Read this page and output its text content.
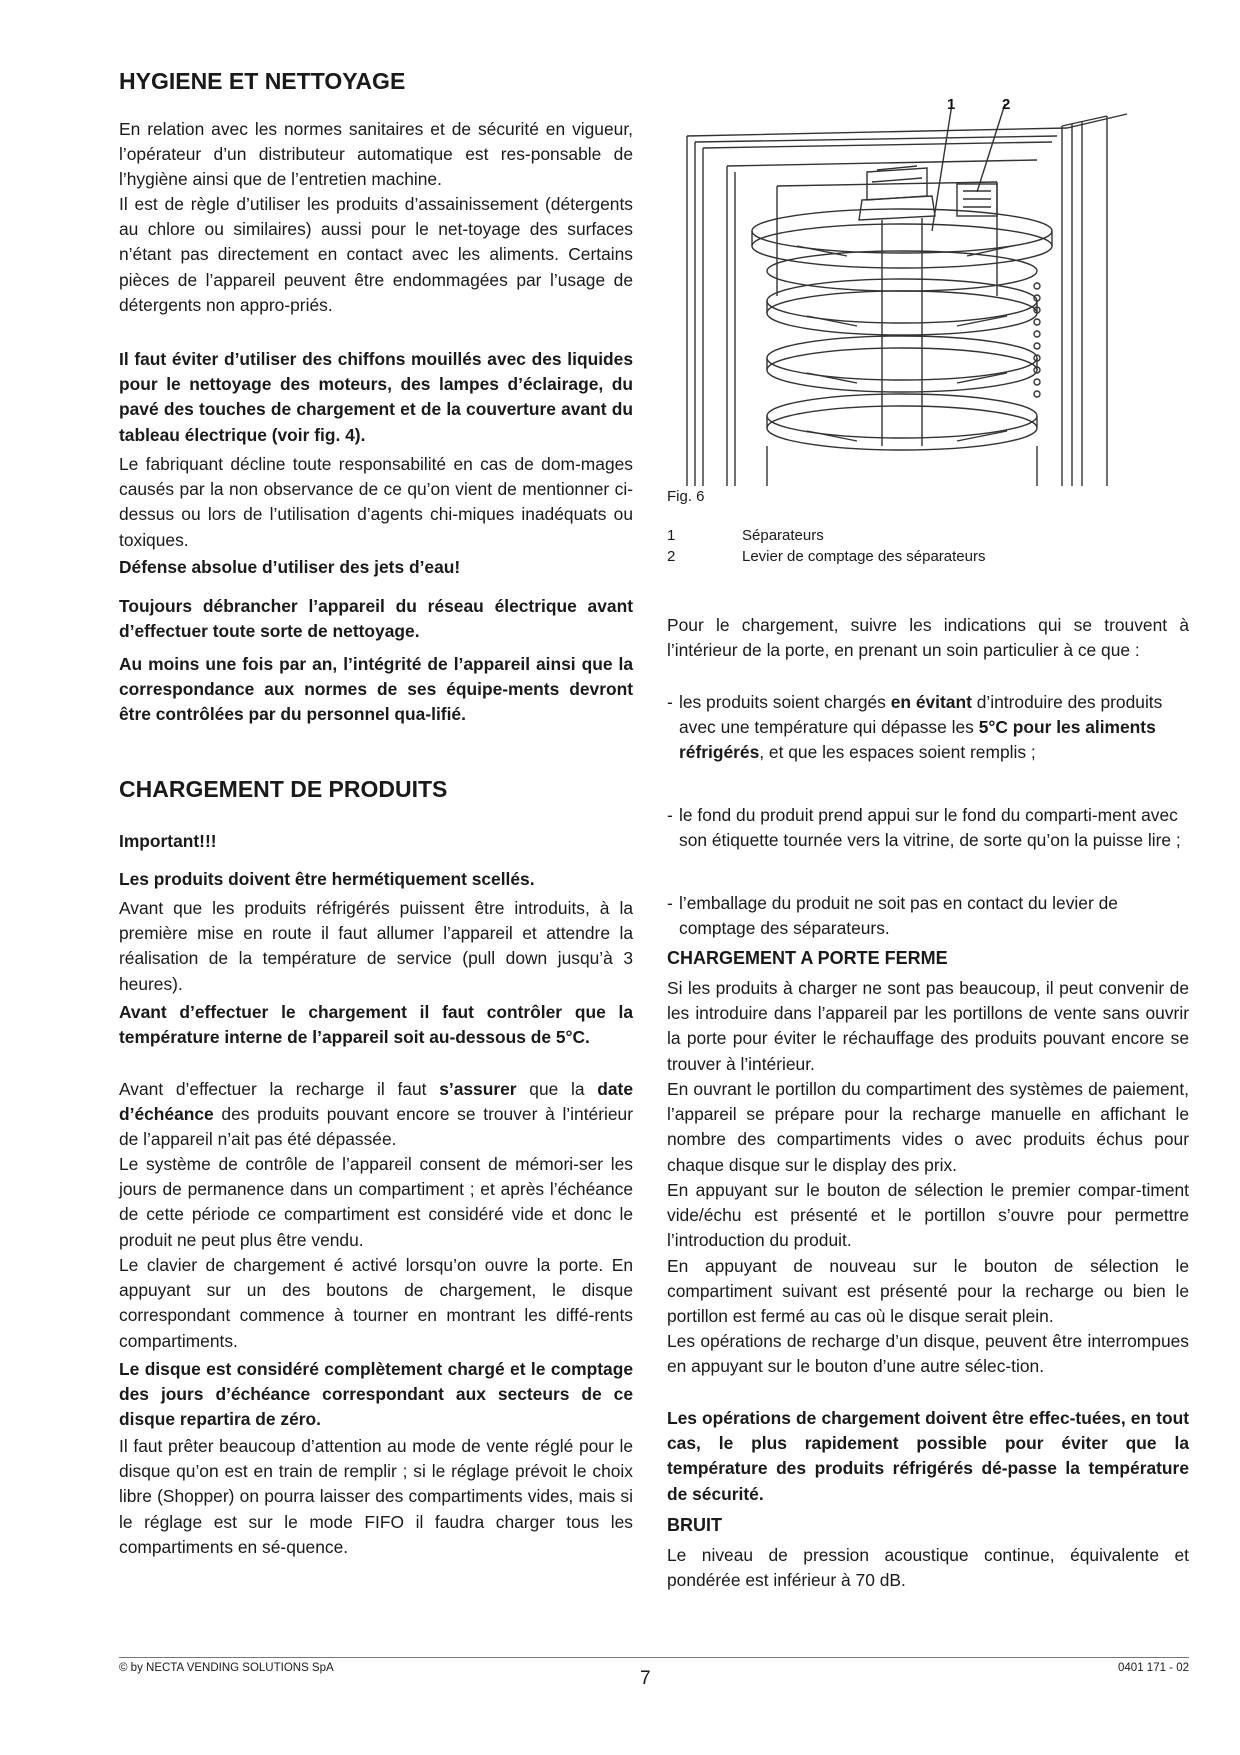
HYGIENE ET NETTOYAGE
En relation avec les normes sanitaires et de sécurité en vigueur, l’opérateur d’un distributeur automatique est res-ponsable de l’hygiène ainsi que de l’entretien machine.
Il est de règle d’utiliser les produits d’assainissement (détergents au chlore ou similaires) aussi pour le net-toyage des surfaces n’étant pas directement en contact avec les aliments. Certains pièces de l’appareil peuvent être endommagées par l’usage de détergents non appro-priés.
Il faut éviter d’utiliser des chiffons mouillés avec des liquides pour le nettoyage des moteurs, des lampes d’éclairage, du pavé des touches de chargement et de la couverture avant du tableau électrique (voir fig. 4).
Le fabriquant décline toute responsabilité en cas de dom-mages causés par la non observance de ce qu’on vient de mentionner ci-dessus ou lors de l’utilisation d’agents chi-miques inadéquats ou toxiques.
Défense absolue d’utiliser des jets d’eau!
Toujours débrancher l’appareil du réseau électrique avant d’effectuer toute sorte de nettoyage.
Au moins une fois par an, l’intégrité de l’appareil ainsi que la correspondance aux normes de ses équipe-ments devront être contrôlées par du personnel qua-lifié.
CHARGEMENT DE PRODUITS
Important!!!
Les produits doivent être hermétiquement scellés.
Avant que les produits réfrigérés puissent être introduits, à la première mise en route il faut allumer l’appareil et attendre la réalisation de la température de service (pull down jusqu’à 3 heures).
Avant d’effectuer le chargement il faut contrôler que la température interne de l’appareil soit au-dessous de 5°C.
Avant d’effectuer la recharge il faut s’assurer que la date d’échéance des produits pouvant encore se trouver à l’intérieur de l’appareil n’ait pas été dépassée.
Le système de contrôle de l’appareil consent de mémori-ser les jours de permanence dans un compartiment ; et après l’échéance de cette période ce compartiment est considéré vide et donc le produit ne peut plus être vendu.
Le clavier de chargement é activé lorsqu’on ouvre la porte. En appuyant sur un des boutons de chargement, le disque correspondant commence à tourner en montrant les diffé-rents compartiments.
Le disque est considéré complètement chargé et le comptage des jours d’échéance correspondant aux secteurs de ce disque repartira de zéro.
Il faut prêter beaucoup d’attention au mode de vente réglé pour le disque qu’on est en train de remplir ; si le réglage prévoit le choix libre (Shopper) on pourra laisser des compartiments vides, mais si le réglage est sur le mode FIFO il faudra charger tous les compartiments en sé-quence.
1	2
Fig. 6
1	Séparateurs
2	Levier de comptage des séparateurs
Pour le chargement, suivre les indications qui se trouvent à l’intérieur de la porte, en prenant un soin particulier à ce que :
- les produits soient chargés en évitant d’introduire des produits avec une température qui dépasse les 5°C pour les aliments réfrigérés, et que les espaces soient remplis ;
- le fond du produit prend appui sur le fond du comparti-ment avec son étiquette tournée vers la vitrine, de sorte qu’on la puisse lire ;
- l’emballage du produit ne soit pas en contact du levier de comptage des séparateurs.
CHARGEMENT A PORTE FERME
Si les produits à charger ne sont pas beaucoup, il peut convenir de les introduire dans l’appareil par les portillons de vente sans ouvrir la porte pour éviter le réchauffage des produits pouvant encore se trouver à l’intérieur.
En ouvrant le portillon du compartiment des systèmes de paiement, l’appareil se prépare pour la recharge manuelle en affichant le nombre des compartiments vides o avec produits échus pour chaque disque sur le display des prix.
En appuyant sur le bouton de sélection le premier compar-timent vide/échu est présenté et le portillon s’ouvre pour permettre l’introduction du produit.
En appuyant de nouveau sur le bouton de sélection le compartiment suivant est présenté pour la recharge ou bien le portillon est fermé au cas où le disque serait plein.
Les opérations de recharge d’un disque, peuvent être interrompues en appuyant sur le bouton d’une autre sélec-tion.
Les opérations de chargement doivent être effec-tuées, en tout cas, le plus rapidement possible pour éviter que la température des produits réfrigérés dé-passe la température de sécurité.
BRUIT
Le niveau de pression acoustique continue, équivalente et pondérée est inférieur à 70 dB.
© by NECTA VENDING SOLUTIONS SpA	7	0401 171 - 02
